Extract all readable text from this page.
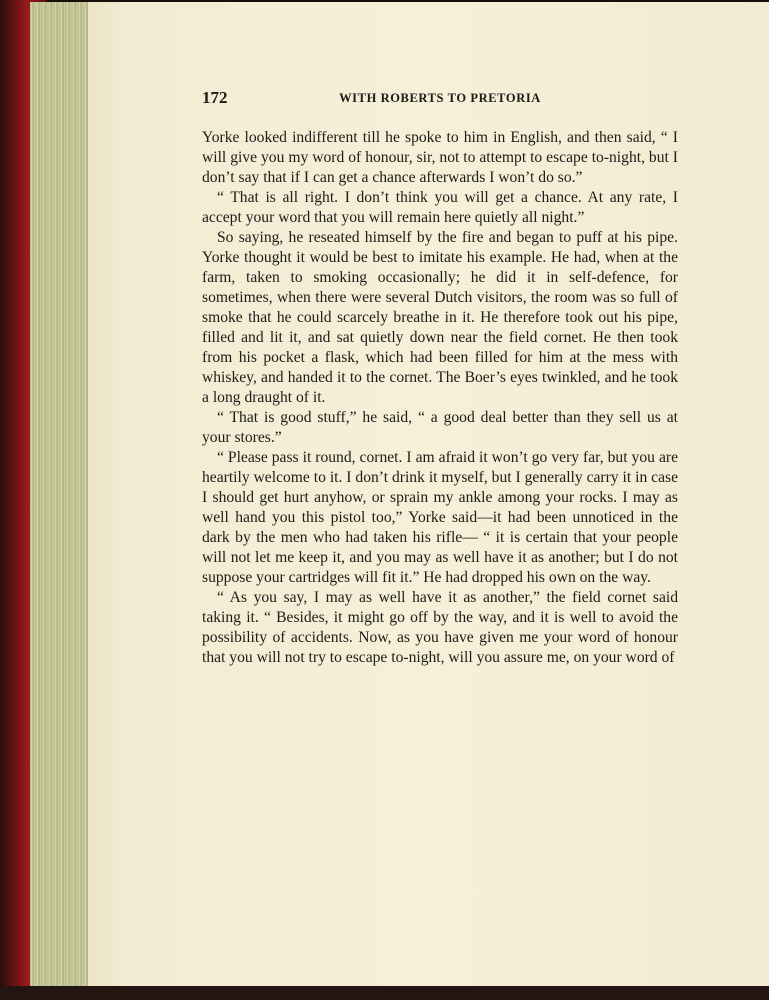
172	WITH ROBERTS TO PRETORIA

Yorke looked indifferent till he spoke to him in English, and then said, “ I will give you my word of honour, sir, not to attempt to escape to-night, but I don’t say that if I can get a chance afterwards I won’t do so.”

“ That is all right. I don’t think you will get a chance. At any rate, I accept your word that you will remain here quietly all night.”

So saying, he reseated himself by the fire and began to puff at his pipe. Yorke thought it would be best to imitate his example. He had, when at the farm, taken to smoking occasionally; he did it in self-defence, for sometimes, when there were several Dutch visitors, the room was so full of smoke that he could scarcely breathe in it. He therefore took out his pipe, filled and lit it, and sat quietly down near the field cornet. He then took from his pocket a flask, which had been filled for him at the mess with whiskey, and handed it to the cornet. The Boer’s eyes twinkled, and he took a long draught of it.

“ That is good stuff,” he said, “ a good deal better than they sell us at your stores.”

“ Please pass it round, cornet. I am afraid it won’t go very far, but you are heartily welcome to it. I don’t drink it myself, but I generally carry it in case I should get hurt anyhow, or sprain my ankle among your rocks. I may as well hand you this pistol too,” Yorke said—it had been unnoticed in the dark by the men who had taken his rifle— “ it is certain that your people will not let me keep it, and you may as well have it as another; but I do not suppose your cartridges will fit it.” He had dropped his own on the way.

“ As you say, I may as well have it as another,” the field cornet said taking it. “ Besides, it might go off by the way, and it is well to avoid the possibility of accidents. Now, as you have given me your word of honour that you will not try to escape to-night, will you assure me, on your word of
